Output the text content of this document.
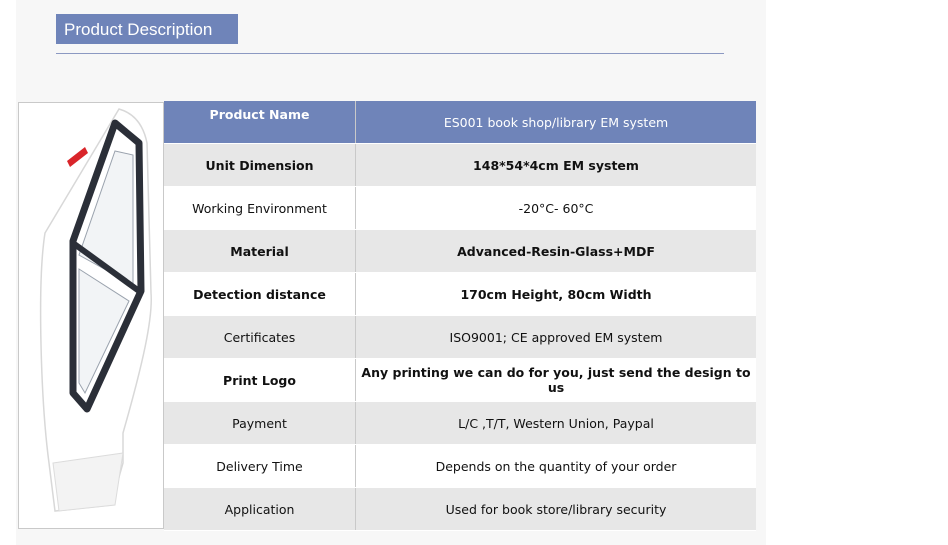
Product Description
Product Name	ES001 book shop/library EM system
Unit Dimension	148*54*4cm EM system
Working Environment	-20°C- 60°C
Material	Advanced-Resin-Glass+MDF
Detection distance	170cm Height, 80cm Width
Certificates	ISO9001; CE approved EM system
Print Logo	Any printing we can do for you, just send the design to us
Payment	L/C ,T/T, Western Union, Paypal
Delivery Time	Depends on the quantity of your order
Application	Used for book store/library security
